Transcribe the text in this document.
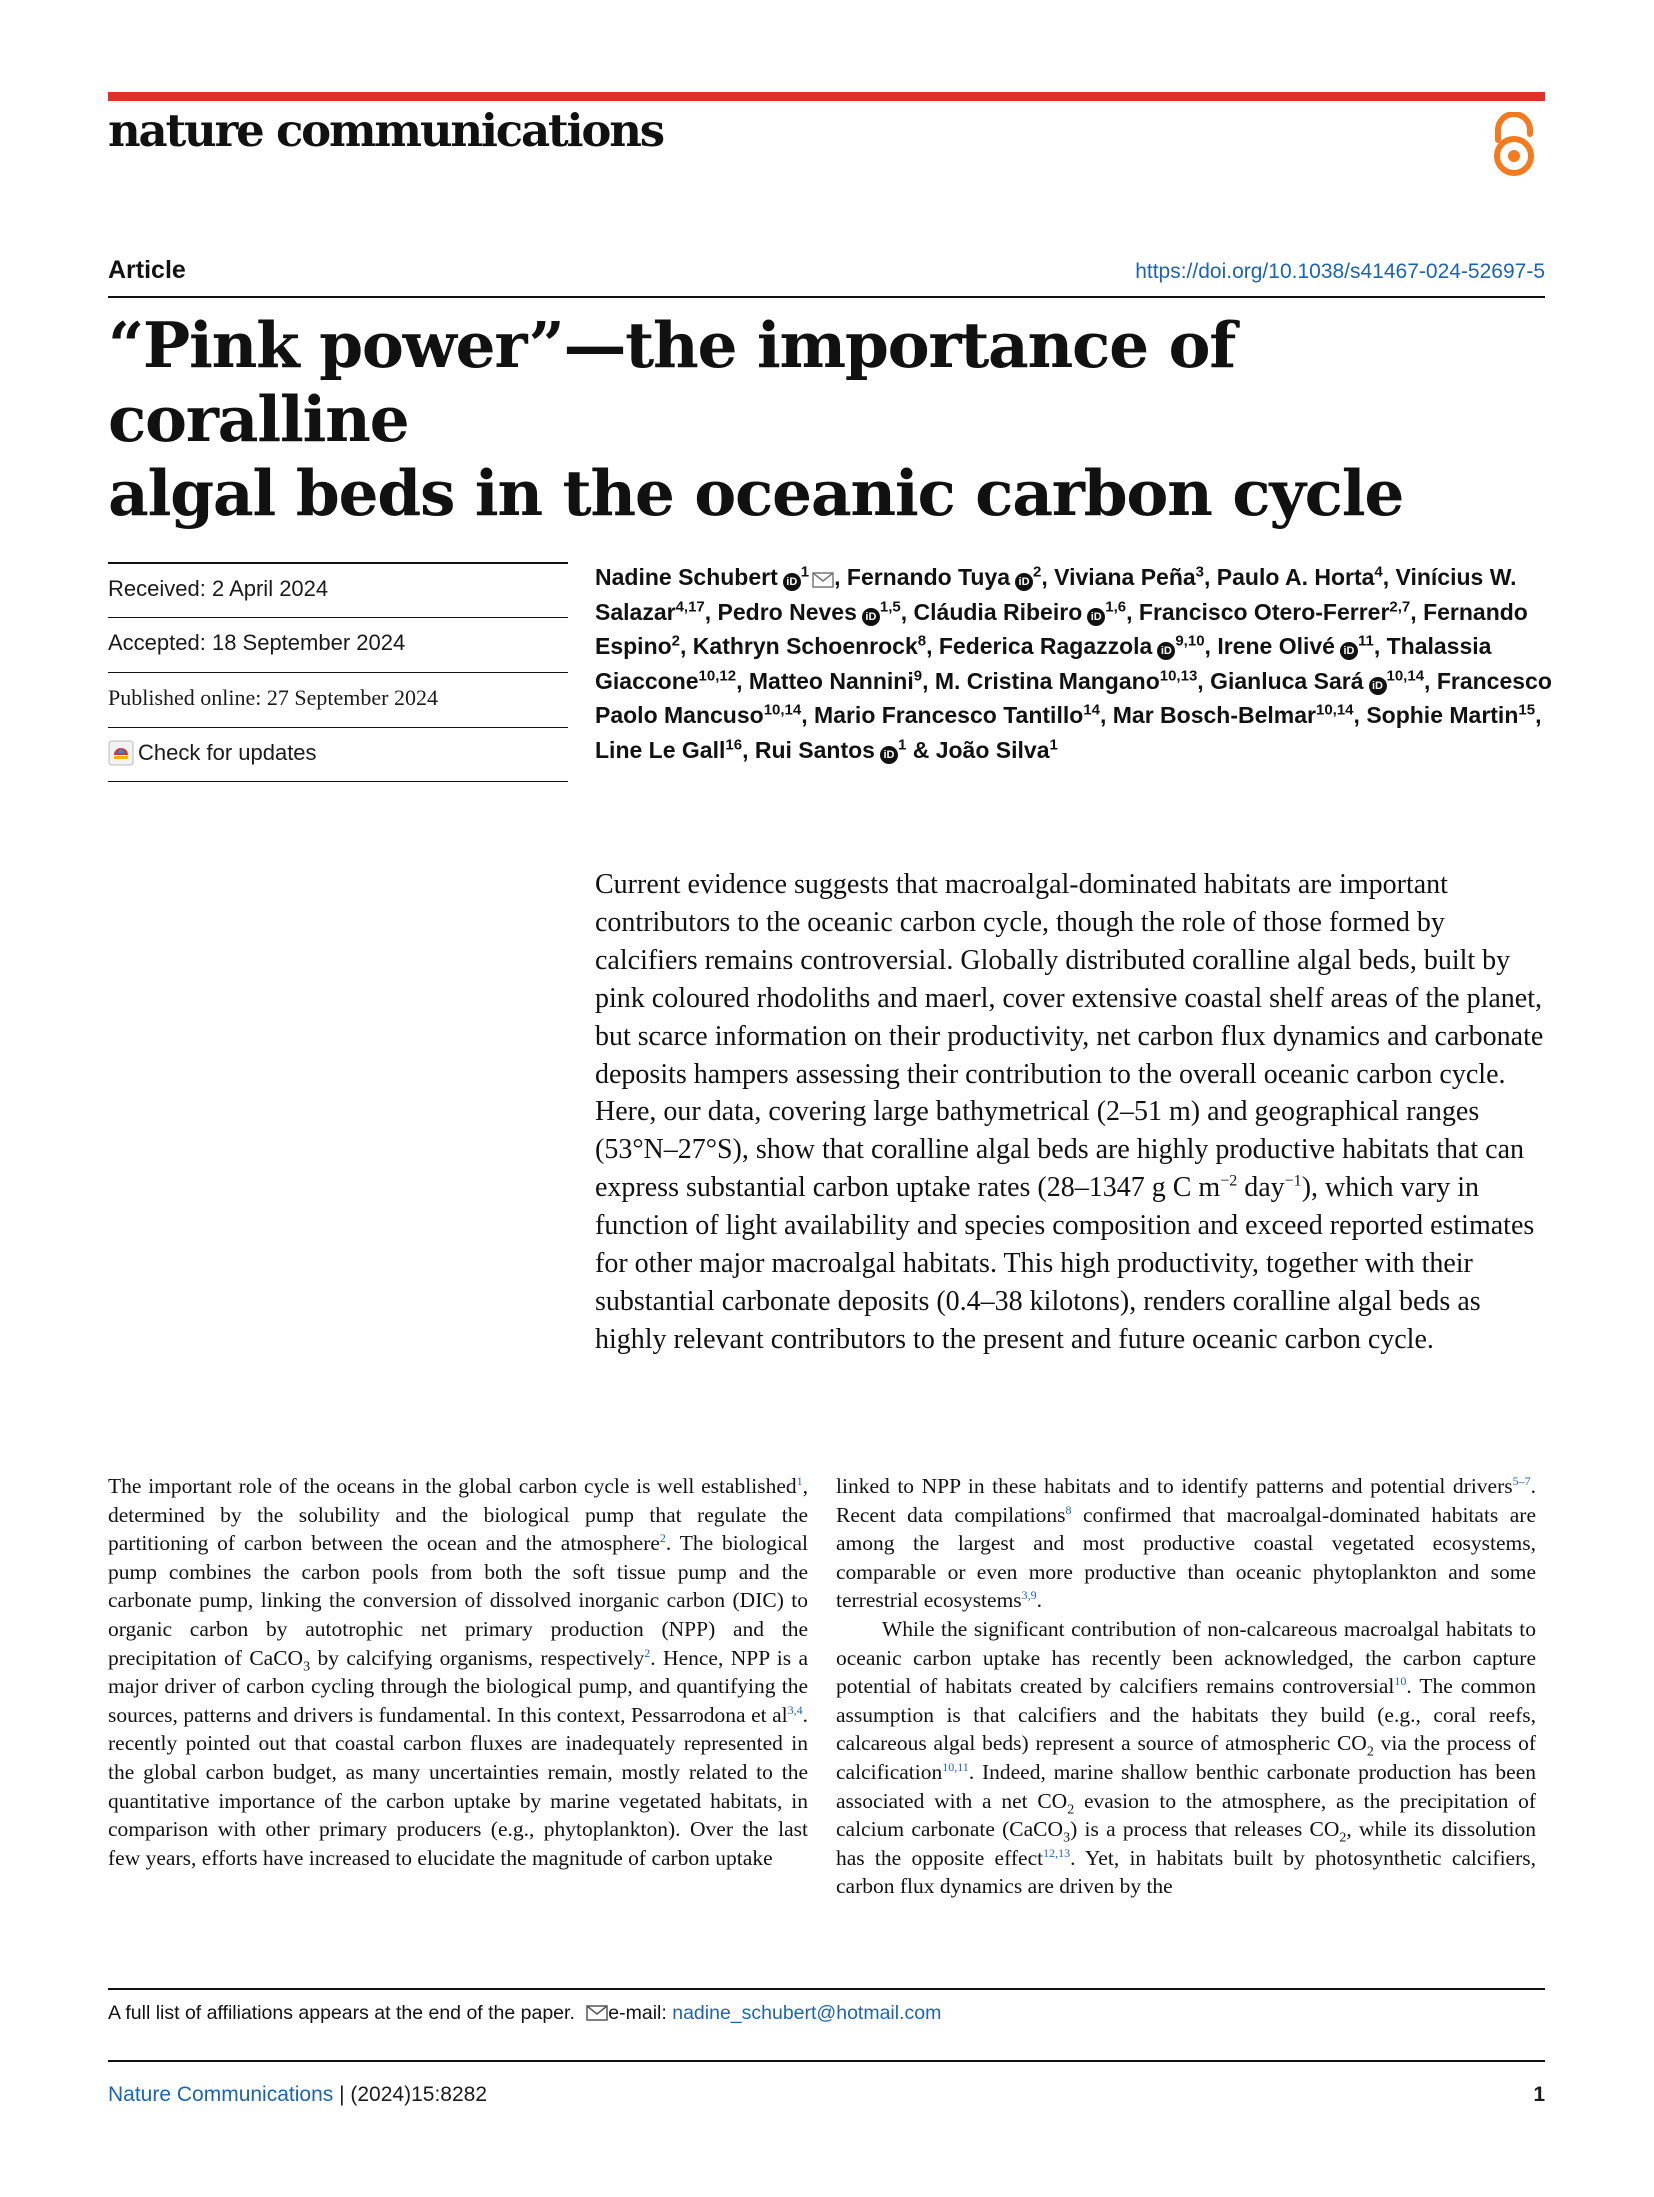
nature communications
Article	https://doi.org/10.1038/s41467-024-52697-5
“Pink power”—the importance of coralline
algal beds in the oceanic carbon cycle
Received: 2 April 2024
Accepted: 18 September 2024
Published online: 27 September 2024
Check for updates
Nadine Schubert $iD^1$ , Fernando Tuya $iD^2$, Viviana Peña$^3$, Paulo A. Horta$^4$, Vinícius W. Salazar$^{4,17}$, Pedro Neves iD$^{1,5}$, Cláudia Ribeiro iD$^{1,6}$, Francisco Otero-Ferrer$^{2,7}$, Fernando Espino$^2$, Kathryn Schoenrock$^8$, Federica Ragazzola iD$^{9,10}$, Irene Olivé $iD^{11}$, Thalassia Giaccone$^{10,12}$, Matteo Nannini$^9$, M. Cristina Mangano$^{10,13}$, Gianluca Sará iD$^{10,14}$, Francesco Paolo Mancuso$^{10,14}$, Mario Francesco Tantillo$^{14}$, Mar Bosch-Belmar$^{10,14}$, Sophie Martin$^{15}$, Line Le Gall$^{16}$, Rui Santos $iD^1$ & João Silva$^1$

Current evidence suggests that macroalgal-dominated habitats are important contributors to the oceanic carbon cycle, though the role of those formed by calcifiers remains controversial. Globally distributed coralline algal beds, built by pink coloured rhodoliths and maerl, cover extensive coastal shelf areas of the planet, but scarce information on their productivity, net carbon flux dynamics and carbonate deposits hampers assessing their contribution to the overall oceanic carbon cycle. Here, our data, covering large bathymetrical (2–51 m) and geographical ranges (53°N–27°S), show that coralline algal beds are highly productive habitats that can express substantial carbon uptake rates (28–1347 g C $m^{-2}$ day$^{-1}$), which vary in function of light availability and species composition and exceed reported estimates for other major macroalgal habitats. This high productivity, together with their substantial carbonate deposits (0.4–38 kilotons), renders coralline algal beds as highly relevant contributors to the present and future oceanic carbon cycle.

The important role of the oceans in the global carbon cycle is well established$^1$, determined by the solubility and the biological pump that regulate the partitioning of carbon between the ocean and the atmosphere$^2$. The biological pump combines the carbon pools from both the soft tissue pump and the carbonate pump, linking the conversion of dissolved inorganic carbon (DIC) to organic carbon by autotrophic net primary production (NPP) and the precipitation of CaCO$_3$ by calcifying organisms, respectively$^2$. Hence, NPP is a major driver of carbon cycling through the biological pump, and quantifying the sources, patterns and drivers is fundamental. In this context, Pessarrodona et al$^{3,4}$. recently pointed out that coastal carbon fluxes are inadequately represented in the global carbon budget, as many uncertainties remain, mostly related to the quantitative importance of the carbon uptake by marine vegetated habitats, in comparison with other primary producers (e.g., phytoplankton). Over the last few years, efforts have increased to elucidate the magnitude of carbon uptake

linked to NPP in these habitats and to identify patterns and potential drivers$^{5-7}$. Recent data compilations$^8$ confirmed that macroalgal-dominated habitats are among the largest and most productive coastal vegetated ecosystems, comparable or even more productive than oceanic phytoplankton and some terrestrial ecosystems$^{3,9}$.

While the significant contribution of non-calcareous macroalgal habitats to oceanic carbon uptake has recently been acknowledged, the carbon capture potential of habitats created by calcifiers remains controversial$^{10}$. The common assumption is that calcifiers and the habitats they build (e.g., coral reefs, calcareous algal beds) represent a source of atmospheric $CO_2$ via the process of calcification$^{10,11}$. Indeed, marine shallow benthic carbonate production has been associated with a net $CO_2$ evasion to the atmosphere, as the precipitation of calcium carbonate (CaCO$_3$) is a process that releases $CO_2$, while its dissolution has the opposite effect$^{12,13}$. Yet, in habitats built by photosynthetic calcifiers, carbon flux dynamics are driven by the

A full list of affiliations appears at the end of the paper. e-mail: nadine_schubert@hotmail.com
Nature Communications | (2024)15:8282	1
